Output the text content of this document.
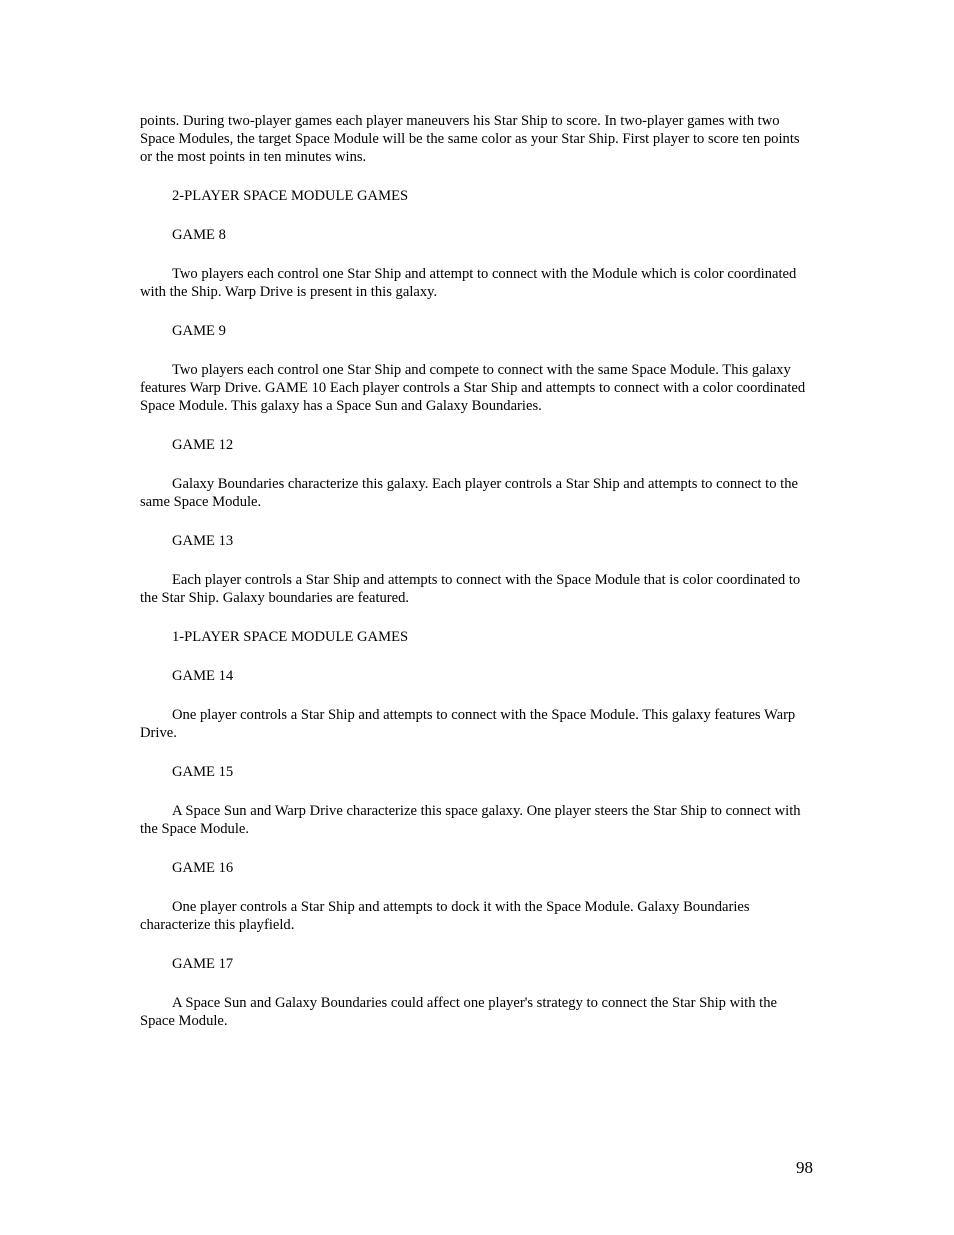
points. During two-player games each player maneuvers his Star Ship to score. In two-player games with two Space Modules, the target Space Module will be the same color as your Star Ship. First player to score ten points or the most points in ten minutes wins.

2-PLAYER SPACE MODULE GAMES

GAME 8

Two players each control one Star Ship and attempt to connect with the Module which is color coordinated with the Ship. Warp Drive is present in this galaxy.

GAME 9

Two players each control one Star Ship and compete to connect with the same Space Module. This galaxy features Warp Drive. GAME 10 Each player controls a Star Ship and attempts to connect with a color coordinated Space Module. This galaxy has a Space Sun and Galaxy Boundaries.

GAME 12

Galaxy Boundaries characterize this galaxy. Each player controls a Star Ship and attempts to connect to the same Space Module.

GAME 13

Each player controls a Star Ship and attempts to connect with the Space Module that is color coordinated to the Star Ship. Galaxy boundaries are featured.

1-PLAYER SPACE MODULE GAMES

GAME 14

One player controls a Star Ship and attempts to connect with the Space Module. This galaxy features Warp Drive.

GAME 15

A Space Sun and Warp Drive characterize this space galaxy. One player steers the Star Ship to connect with the Space Module.

GAME 16

One player controls a Star Ship and attempts to dock it with the Space Module. Galaxy Boundaries characterize this playfield.

GAME 17

A Space Sun and Galaxy Boundaries could affect one player's strategy to connect the Star Ship with the Space Module.

98
